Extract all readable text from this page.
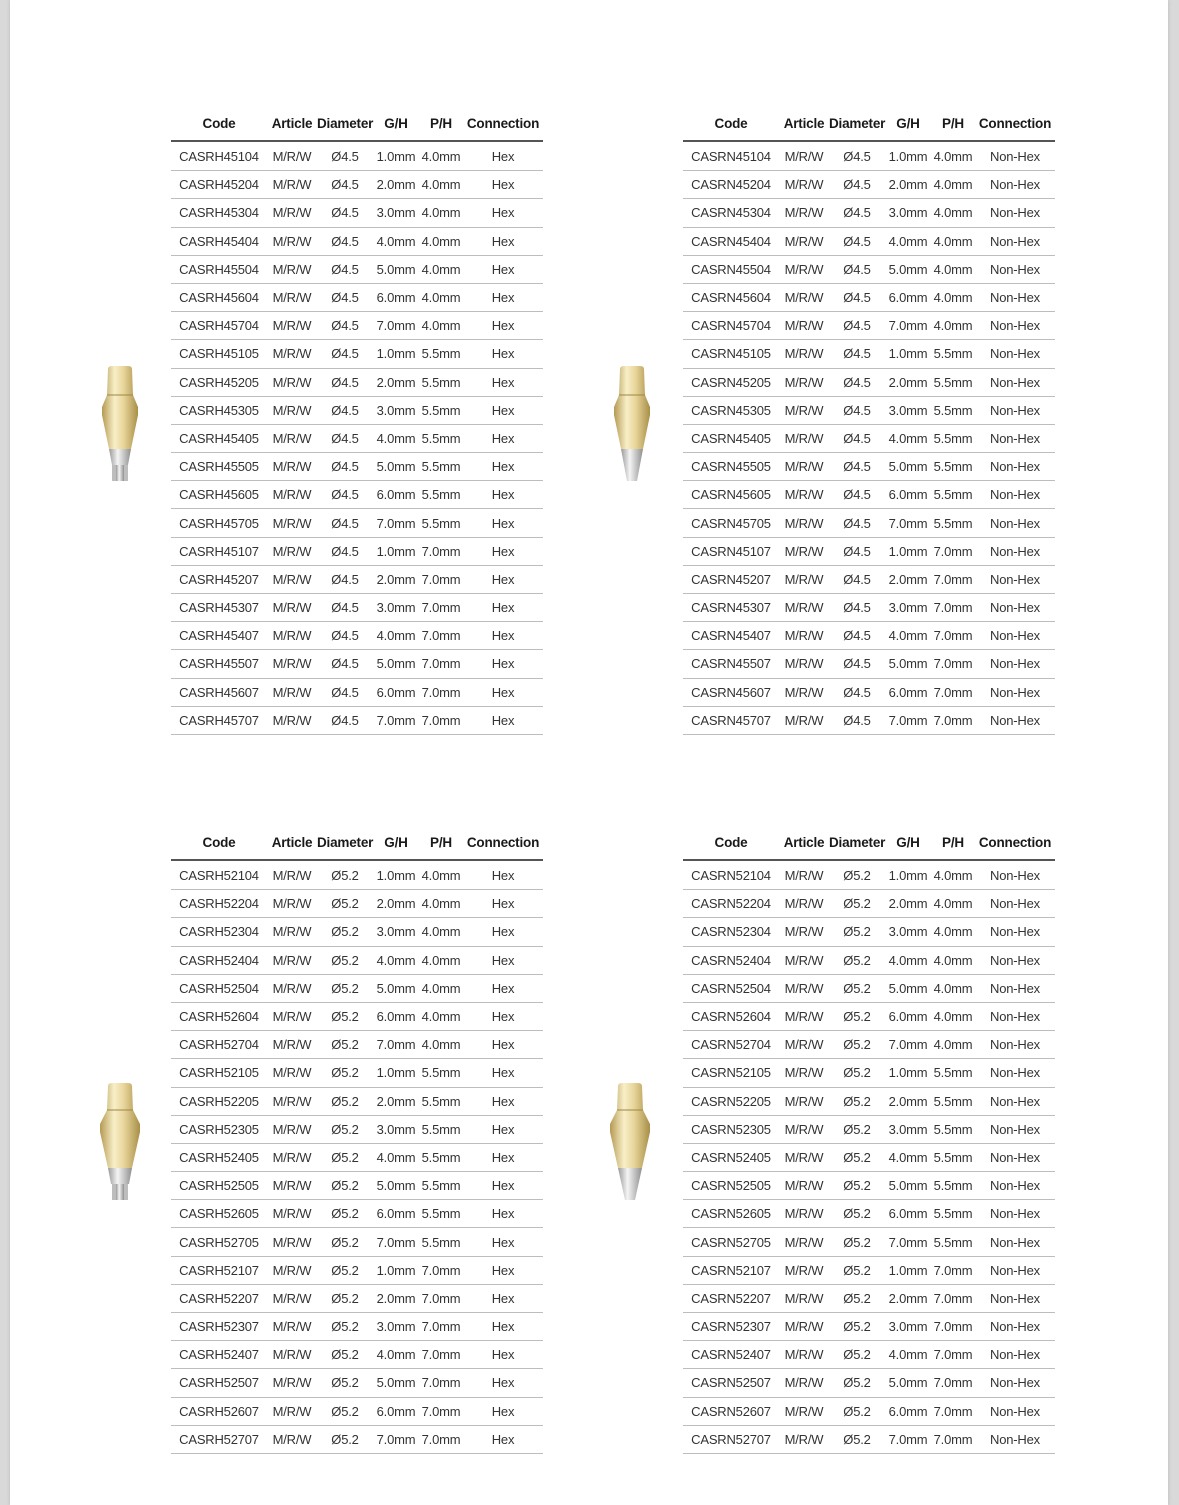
Code	Article	Diameter	G/H	P/H	Connection
CASRH45104	M/R/W	Ø4.5	1.0mm	4.0mm	Hex
CASRH45204	M/R/W	Ø4.5	2.0mm	4.0mm	Hex
CASRH45304	M/R/W	Ø4.5	3.0mm	4.0mm	Hex
CASRH45404	M/R/W	Ø4.5	4.0mm	4.0mm	Hex
CASRH45504	M/R/W	Ø4.5	5.0mm	4.0mm	Hex
CASRH45604	M/R/W	Ø4.5	6.0mm	4.0mm	Hex
CASRH45704	M/R/W	Ø4.5	7.0mm	4.0mm	Hex
CASRH45105	M/R/W	Ø4.5	1.0mm	5.5mm	Hex
CASRH45205	M/R/W	Ø4.5	2.0mm	5.5mm	Hex
CASRH45305	M/R/W	Ø4.5	3.0mm	5.5mm	Hex
CASRH45405	M/R/W	Ø4.5	4.0mm	5.5mm	Hex
CASRH45505	M/R/W	Ø4.5	5.0mm	5.5mm	Hex
CASRH45605	M/R/W	Ø4.5	6.0mm	5.5mm	Hex
CASRH45705	M/R/W	Ø4.5	7.0mm	5.5mm	Hex
CASRH45107	M/R/W	Ø4.5	1.0mm	7.0mm	Hex
CASRH45207	M/R/W	Ø4.5	2.0mm	7.0mm	Hex
CASRH45307	M/R/W	Ø4.5	3.0mm	7.0mm	Hex
CASRH45407	M/R/W	Ø4.5	4.0mm	7.0mm	Hex
CASRH45507	M/R/W	Ø4.5	5.0mm	7.0mm	Hex
CASRH45607	M/R/W	Ø4.5	6.0mm	7.0mm	Hex
CASRH45707	M/R/W	Ø4.5	7.0mm	7.0mm	Hex
Code	Article	Diameter	G/H	P/H	Connection
CASRN45104	M/R/W	Ø4.5	1.0mm	4.0mm	Non-Hex
CASRN45204	M/R/W	Ø4.5	2.0mm	4.0mm	Non-Hex
CASRN45304	M/R/W	Ø4.5	3.0mm	4.0mm	Non-Hex
CASRN45404	M/R/W	Ø4.5	4.0mm	4.0mm	Non-Hex
CASRN45504	M/R/W	Ø4.5	5.0mm	4.0mm	Non-Hex
CASRN45604	M/R/W	Ø4.5	6.0mm	4.0mm	Non-Hex
CASRN45704	M/R/W	Ø4.5	7.0mm	4.0mm	Non-Hex
CASRN45105	M/R/W	Ø4.5	1.0mm	5.5mm	Non-Hex
CASRN45205	M/R/W	Ø4.5	2.0mm	5.5mm	Non-Hex
CASRN45305	M/R/W	Ø4.5	3.0mm	5.5mm	Non-Hex
CASRN45405	M/R/W	Ø4.5	4.0mm	5.5mm	Non-Hex
CASRN45505	M/R/W	Ø4.5	5.0mm	5.5mm	Non-Hex
CASRN45605	M/R/W	Ø4.5	6.0mm	5.5mm	Non-Hex
CASRN45705	M/R/W	Ø4.5	7.0mm	5.5mm	Non-Hex
CASRN45107	M/R/W	Ø4.5	1.0mm	7.0mm	Non-Hex
CASRN45207	M/R/W	Ø4.5	2.0mm	7.0mm	Non-Hex
CASRN45307	M/R/W	Ø4.5	3.0mm	7.0mm	Non-Hex
CASRN45407	M/R/W	Ø4.5	4.0mm	7.0mm	Non-Hex
CASRN45507	M/R/W	Ø4.5	5.0mm	7.0mm	Non-Hex
CASRN45607	M/R/W	Ø4.5	6.0mm	7.0mm	Non-Hex
CASRN45707	M/R/W	Ø4.5	7.0mm	7.0mm	Non-Hex
Code	Article	Diameter	G/H	P/H	Connection
CASRH52104	M/R/W	Ø5.2	1.0mm	4.0mm	Hex
CASRH52204	M/R/W	Ø5.2	2.0mm	4.0mm	Hex
CASRH52304	M/R/W	Ø5.2	3.0mm	4.0mm	Hex
CASRH52404	M/R/W	Ø5.2	4.0mm	4.0mm	Hex
CASRH52504	M/R/W	Ø5.2	5.0mm	4.0mm	Hex
CASRH52604	M/R/W	Ø5.2	6.0mm	4.0mm	Hex
CASRH52704	M/R/W	Ø5.2	7.0mm	4.0mm	Hex
CASRH52105	M/R/W	Ø5.2	1.0mm	5.5mm	Hex
CASRH52205	M/R/W	Ø5.2	2.0mm	5.5mm	Hex
CASRH52305	M/R/W	Ø5.2	3.0mm	5.5mm	Hex
CASRH52405	M/R/W	Ø5.2	4.0mm	5.5mm	Hex
CASRH52505	M/R/W	Ø5.2	5.0mm	5.5mm	Hex
CASRH52605	M/R/W	Ø5.2	6.0mm	5.5mm	Hex
CASRH52705	M/R/W	Ø5.2	7.0mm	5.5mm	Hex
CASRH52107	M/R/W	Ø5.2	1.0mm	7.0mm	Hex
CASRH52207	M/R/W	Ø5.2	2.0mm	7.0mm	Hex
CASRH52307	M/R/W	Ø5.2	3.0mm	7.0mm	Hex
CASRH52407	M/R/W	Ø5.2	4.0mm	7.0mm	Hex
CASRH52507	M/R/W	Ø5.2	5.0mm	7.0mm	Hex
CASRH52607	M/R/W	Ø5.2	6.0mm	7.0mm	Hex
CASRH52707	M/R/W	Ø5.2	7.0mm	7.0mm	Hex
Code	Article	Diameter	G/H	P/H	Connection
CASRN52104	M/R/W	Ø5.2	1.0mm	4.0mm	Non-Hex
CASRN52204	M/R/W	Ø5.2	2.0mm	4.0mm	Non-Hex
CASRN52304	M/R/W	Ø5.2	3.0mm	4.0mm	Non-Hex
CASRN52404	M/R/W	Ø5.2	4.0mm	4.0mm	Non-Hex
CASRN52504	M/R/W	Ø5.2	5.0mm	4.0mm	Non-Hex
CASRN52604	M/R/W	Ø5.2	6.0mm	4.0mm	Non-Hex
CASRN52704	M/R/W	Ø5.2	7.0mm	4.0mm	Non-Hex
CASRN52105	M/R/W	Ø5.2	1.0mm	5.5mm	Non-Hex
CASRN52205	M/R/W	Ø5.2	2.0mm	5.5mm	Non-Hex
CASRN52305	M/R/W	Ø5.2	3.0mm	5.5mm	Non-Hex
CASRN52405	M/R/W	Ø5.2	4.0mm	5.5mm	Non-Hex
CASRN52505	M/R/W	Ø5.2	5.0mm	5.5mm	Non-Hex
CASRN52605	M/R/W	Ø5.2	6.0mm	5.5mm	Non-Hex
CASRN52705	M/R/W	Ø5.2	7.0mm	5.5mm	Non-Hex
CASRN52107	M/R/W	Ø5.2	1.0mm	7.0mm	Non-Hex
CASRN52207	M/R/W	Ø5.2	2.0mm	7.0mm	Non-Hex
CASRN52307	M/R/W	Ø5.2	3.0mm	7.0mm	Non-Hex
CASRN52407	M/R/W	Ø5.2	4.0mm	7.0mm	Non-Hex
CASRN52507	M/R/W	Ø5.2	5.0mm	7.0mm	Non-Hex
CASRN52607	M/R/W	Ø5.2	6.0mm	7.0mm	Non-Hex
CASRN52707	M/R/W	Ø5.2	7.0mm	7.0mm	Non-Hex
